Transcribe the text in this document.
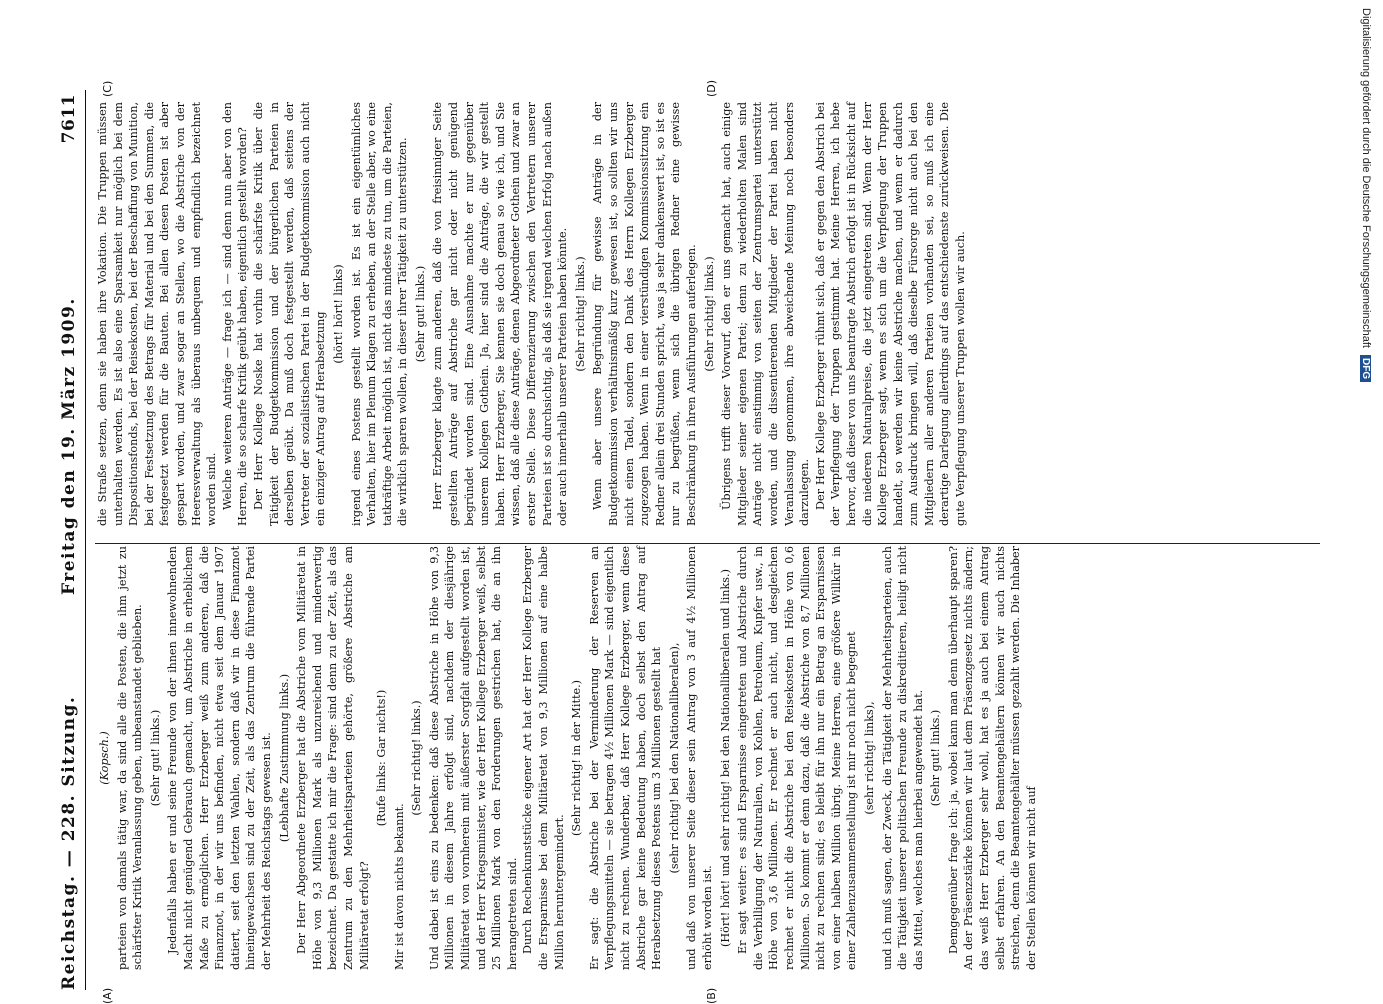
Reichstag. — 228. Sitzung.
Freitag den 19. März 1909.
7611
(A)	(B)
(C)	(D)

(Kopsch.) parteien von damals tätig war, da sind alle die Posten, die ihm jetzt zu schärfster Kritik Veranlassung geben, unbeanstandet geblieben. (Sehr gut! links.) Jedenfalls haben er und seine Freunde von der ihnen innewohnenden Macht nicht genügend Gebrauch gemacht, um Abstriche in erheblichem Maße zu ermöglichen. Herr Erzberger weiß zum anderen, daß die Finanznot, in der wir uns befinden, nicht etwa seit dem Januar 1907 datiert, seit den letzten Wahlen, sondern daß wir in diese Finanznot hineingewachsen sind zu der Zeit, als das Zentrum die führende Partei der Mehrheit des Reichstags gewesen ist. (Lebhafte Zustimmung links.) Der Herr Abgeordnete Erzberger hat die Abstriche vom Militäretat in Höhe von 9,3 Millionen Mark als unzureichend und minderwertig bezeichnet. Da gestatte ich mir die Frage: sind denn zu der Zeit, als das Zentrum zu den Mehrheitsparteien gehörte, größere Abstriche am Militäretat erfolgt?

(Rufe links: Gar nichts!)

Mir ist davon nichts bekannt.

(Sehr richtig! links.) Und dabei ist eins zu bedenken: daß diese Abstriche in Höhe von 9,3 Millionen in diesem Jahre erfolgt sind, nachdem der diesjährige Militäretat von vornherein mit äußerster Sorgfalt aufgestellt worden ist, und der Herr Kriegsminister, wie der Herr Kollege Erzberger weiß, selbst 25 Millionen Mark von den Forderungen gestrichen hat, die an ihn herangetreten sind. Durch Rechenkunststücke eigener Art hat der Herr Kollege Erzberger die Ersparnisse bei dem Militäretat von 9,3 Millionen auf eine halbe Million heruntergemindert.

(Sehr richtig! in der Mitte.) Er sagt: die Abstriche bei der Verminderung der Reserven an Verpflegungsmitteln — sie betragen 4½ Millionen Mark — sind eigentlich nicht zu rechnen. Wunderbar, daß Herr Kollege Erzberger, wenn diese Abstriche gar keine Bedeutung haben, doch selbst den Antrag auf Herabsetzung dieses Postens um 3 Millionen gestellt hat (sehr richtig! bei den Nationalliberalen), und daß von unserer Seite dieser sein Antrag von 3 auf 4½ Millionen erhöht worden ist. (Hört! hört! und sehr richtig! bei den Nationalliberalen und links.) Er sagt weiter: es sind Ersparnisse eingetreten und Abstriche durch die Verbilligung der Naturalien, von Kohlen, Petroleum, Kupfer usw., in Höhe von 3,6 Millionen. Er rechnet er auch nicht, und desgleichen rechnet er nicht die Abstriche bei den Reisekosten in Höhe von 0,6 Millionen. So kommt er denn dazu, daß die Abstriche von 8,7 Millionen nicht zu rechnen sind; es bleibt für ihn nur ein Betrag an Ersparnissen von einer halben Million übrig. Meine Herren, eine größere Willkür in einer Zahlenzusammenstellung ist mir noch nicht begegnet (sehr richtig! links), und ich muß sagen, der Zweck, die Tätigkeit der Mehrheitsparteien, auch die Tätigkeit unserer politischen Freunde zu diskreditieren, heiligt nicht das Mittel, welches man hierbei angewendet hat. (Sehr gut! links.) Demgegenüber frage ich: ja, wobei kann man denn überhaupt sparen? An der Präsenzstärke können wir laut dem Präsenzgesetz nichts ändern; das weiß Herr Erzberger sehr wohl, hat es ja auch bei einem Antrag selbst erfahren. An den Beamtengehältern können wir auch nichts streichen, denn die Beamtengehälter müssen gezahlt werden. Die Inhaber der Stellen können wir nicht auf

die Straße setzen, denn sie haben ihre Vokation. Die Truppen müssen unterhalten werden. Es ist also eine Sparsamkeit nur möglich bei dem Dispositionsfonds, bei der Reisekosten, bei der Beschaffung von Munition, bei der Festsetzung des Betrags für Material und bei den Summen, die festgesetzt werden für die Bauten. Bei allen diesen Posten ist aber gespart worden, und zwar sogar an Stellen, wo die Abstriche von der Heeresverwaltung als überaus unbequem und empfindlich bezeichnet worden sind. Welche weiteren Anträge — frage ich — sind denn nun aber von den Herren, die so scharfe Kritik geübt haben, eigentlich gestellt worden? Der Herr Kollege Noske hat vorhin die schärfste Kritik über die Tätigkeit der Budgetkommission und der bürgerlichen Parteien in derselben geübt. Da muß doch festgestellt werden, daß seitens der Vertreter der sozialistischen Partei in der Budgetkommission auch nicht ein einziger Antrag auf Herabsetzung (hört! hört! links) irgend eines Postens gestellt worden ist. Es ist ein eigentümliches Verhalten, hier im Plenum Klagen zu erheben, an der Stelle aber, wo eine tatkräftige Arbeit möglich ist, nicht das mindeste zu tun, um die Parteien, die wirklich sparen wollen, in dieser ihrer Tätigkeit zu unterstützen. (Sehr gut! links.) Herr Erzberger klagte zum anderen, daß die von freisinniger Seite gestellten Anträge auf Abstriche gar nicht oder nicht genügend begründet worden sind. Eine Ausnahme machte er nur gegenüber unserem Kollegen Gothein. Ja, hier sind die Anträge, die wir gestellt haben. Herr Erzberger, Sie kennen sie doch genau so wie ich, und Sie wissen, daß alle diese Anträge, denen Abgeordneter Gothein und zwar an erster Stelle. Diese Differenzierung zwischen den Vertretern unserer Parteien ist so durchsichtig, als daß sie irgend welchen Erfolg nach außen oder auch innerhalb unserer Parteien haben könnte. (Sehr richtig! links.) Wenn aber unsere Begründung für gewisse Anträge in der Budgetkommission verhältnismäßig kurz gewesen ist, so sollten wir uns nicht einen Tadel, sondern den Dank des Herrn Kollegen Erzberger zugezogen haben. Wenn in einer vierstündigen Kommissionssitzung ein Redner allein drei Stunden spricht, was ja sehr dankenswert ist, so ist es nur zu begrüßen, wenn sich die übrigen Redner eine gewisse Beschränkung in ihren Ausführungen auferlegen. (Sehr richtig! links.) Übrigens trifft dieser Vorwurf, den er uns gemacht hat, auch einige Mitglieder seiner eigenen Partei; denn zu wiederholten Malen sind Anträge nicht einstimmig von seiten der Zentrumspartei unterstützt worden, und die dissentierenden Mitglieder der Partei haben nicht Veranlassung genommen, ihre abweichende Meinung noch besonders darzulegen. Der Herr Kollege Erzberger rühmt sich, daß er gegen den Abstrich bei der Verpflegung der Truppen gestimmt hat. Meine Herren, ich hebe hervor, daß dieser von uns beantragte Abstrich erfolgt ist in Rücksicht auf die niederen Naturalpreise, die jetzt eingetreten sind. Wenn der Herr Kollege Erzberger sagt, wenn es sich um die Verpflegung der Truppen handelt, so werden wir keine Abstriche machen, und wenn er dadurch zum Ausdruck bringen will, daß dieselbe Fürsorge nicht auch bei den Mitgliedern aller anderen Parteien vorhanden sei, so muß ich eine derartige Darlegung allerdings auf das entschiedenste zurückweisen. Die gute Verpflegung unserer Truppen wollen wir auch.

Digitalisierung gefördert durch die Deutsche Forschungsgemeinschaft DFG
